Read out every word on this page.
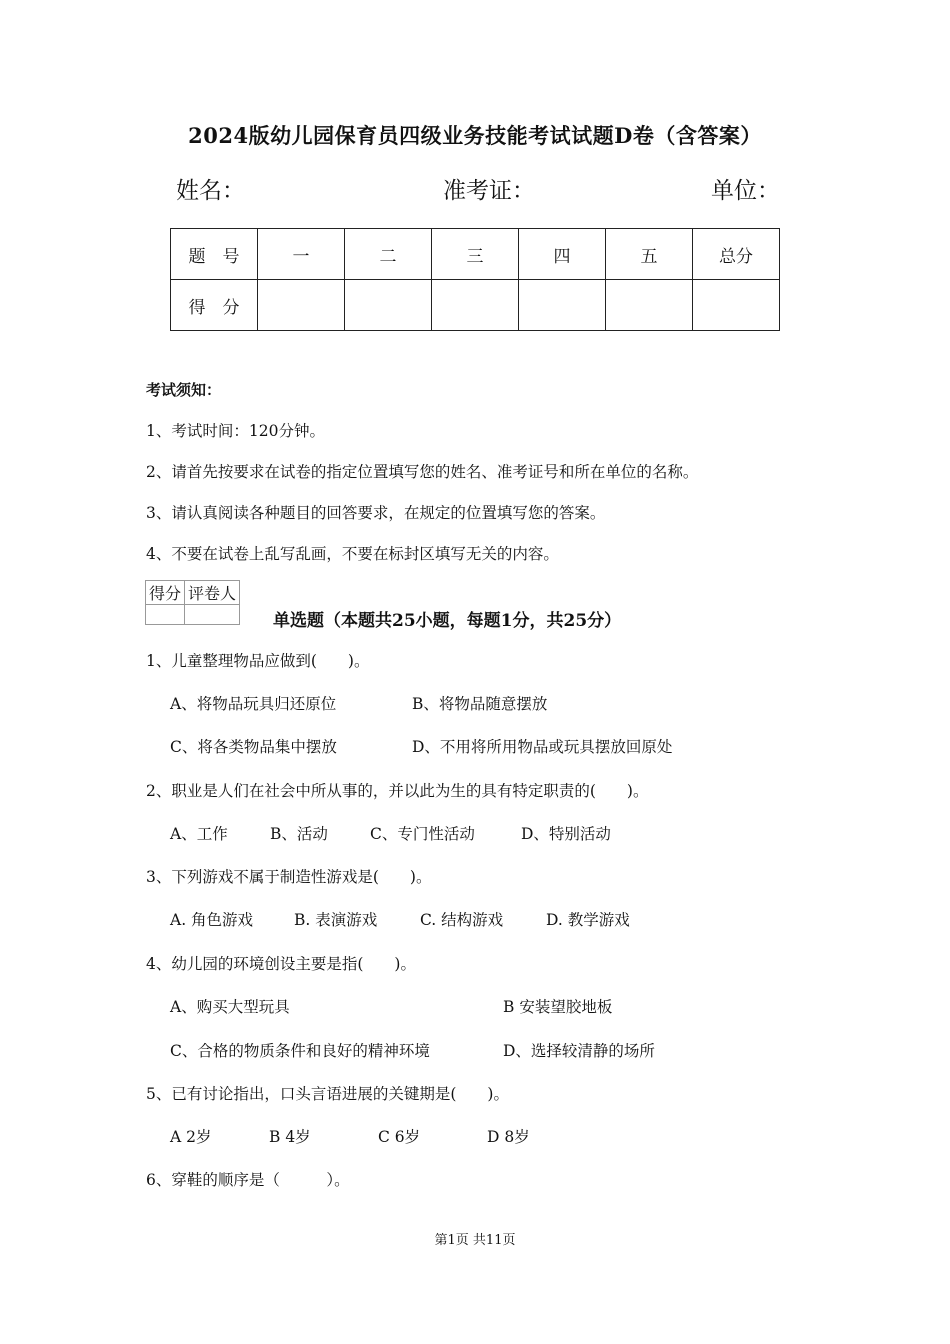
2024版幼儿园保育员四级业务技能考试试题D卷（含答案）
姓名：	准考证：	单位：
题　号	一	二	三	四	五	总分
得　分						
考试须知：
1、考试时间：120分钟。
2、请首先按要求在试卷的指定位置填写您的姓名、准考证号和所在单位的名称。
3、请认真阅读各种题目的回答要求，在规定的位置填写您的答案。
4、不要在试卷上乱写乱画，不要在标封区填写无关的内容。
得分	评卷人

单选题（本题共25小题，每题1分，共25分）
1、儿童整理物品应做到(　　)。
A、将物品玩具归还原位	B、将物品随意摆放
C、将各类物品集中摆放	D、不用将所用物品或玩具摆放回原处
2、职业是人们在社会中所从事的，并以此为生的具有特定职责的(　　)。
A、工作	B、活动	C、专门性活动	D、特别活动
3、下列游戏不属于制造性游戏是(　　)。
A. 角色游戏	B. 表演游戏	C. 结构游戏	D. 教学游戏
4、幼儿园的环境创设主要是指(　　)。
A、购买大型玩具	B 安装望胶地板
C、合格的物质条件和良好的精神环境	D、选择较清静的场所
5、已有讨论指出，口头言语进展的关键期是(　　)。
A 2岁	B 4岁	C 6岁	D 8岁
6、穿鞋的顺序是（　　　）。
第1页 共11页
